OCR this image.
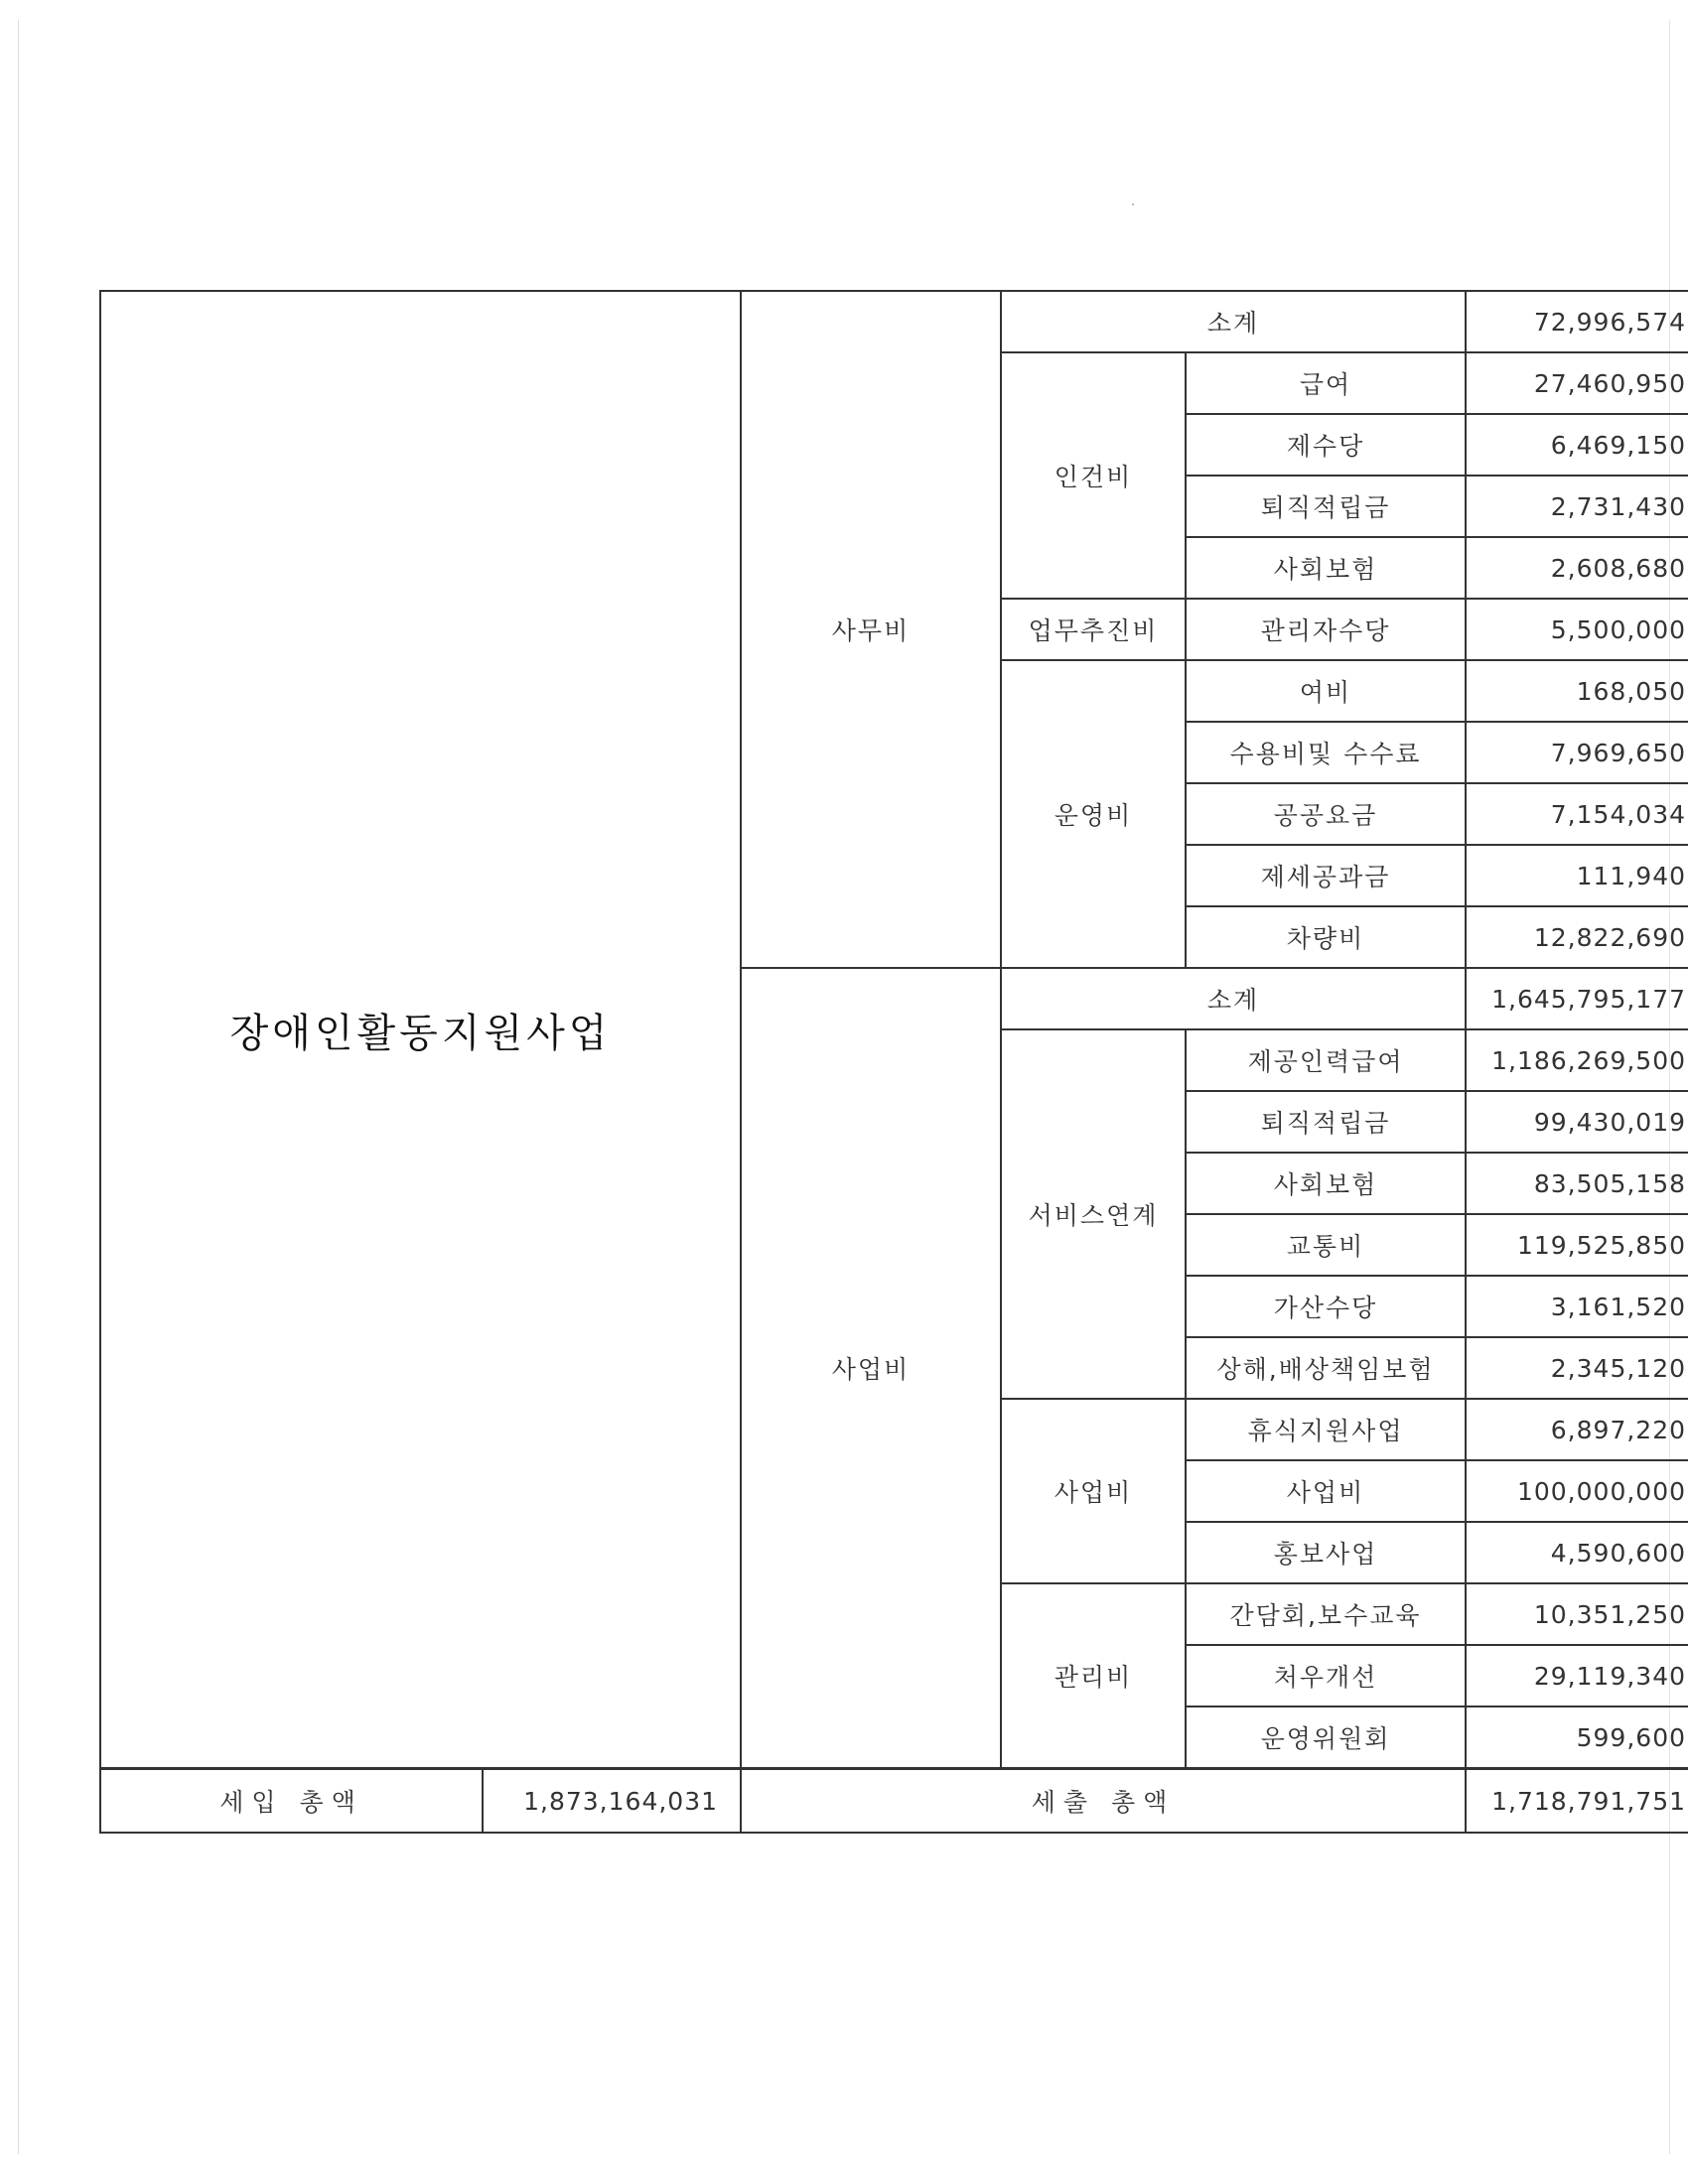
장애인활동지원사업		사무비	소계		72,996,574
			인건비	급여	27,460,950
				제수당	6,469,150
				퇴직적립금	2,731,430
				사회보험	2,608,680
			업무추진비	관리자수당	5,500,000
			운영비	여비	168,050
				수용비및 수수료	7,969,650
				공공요금	7,154,034
				제세공과금	111,940
				차량비	12,822,690
		사업비	소계		1,645,795,177
			서비스연계	제공인력급여	1,186,269,500
				퇴직적립금	99,430,019
				사회보험	83,505,158
				교통비	119,525,850
				가산수당	3,161,520
				상해,배상책임보험	2,345,120
			사업비	휴식지원사업	6,897,220
				사업비	100,000,000
				홍보사업	4,590,600
			관리비	간담회,보수교육	10,351,250
				처우개선	29,119,340
				운영위원회	599,600
세입 총액	1,873,164,031	세출 총액			1,718,791,751
